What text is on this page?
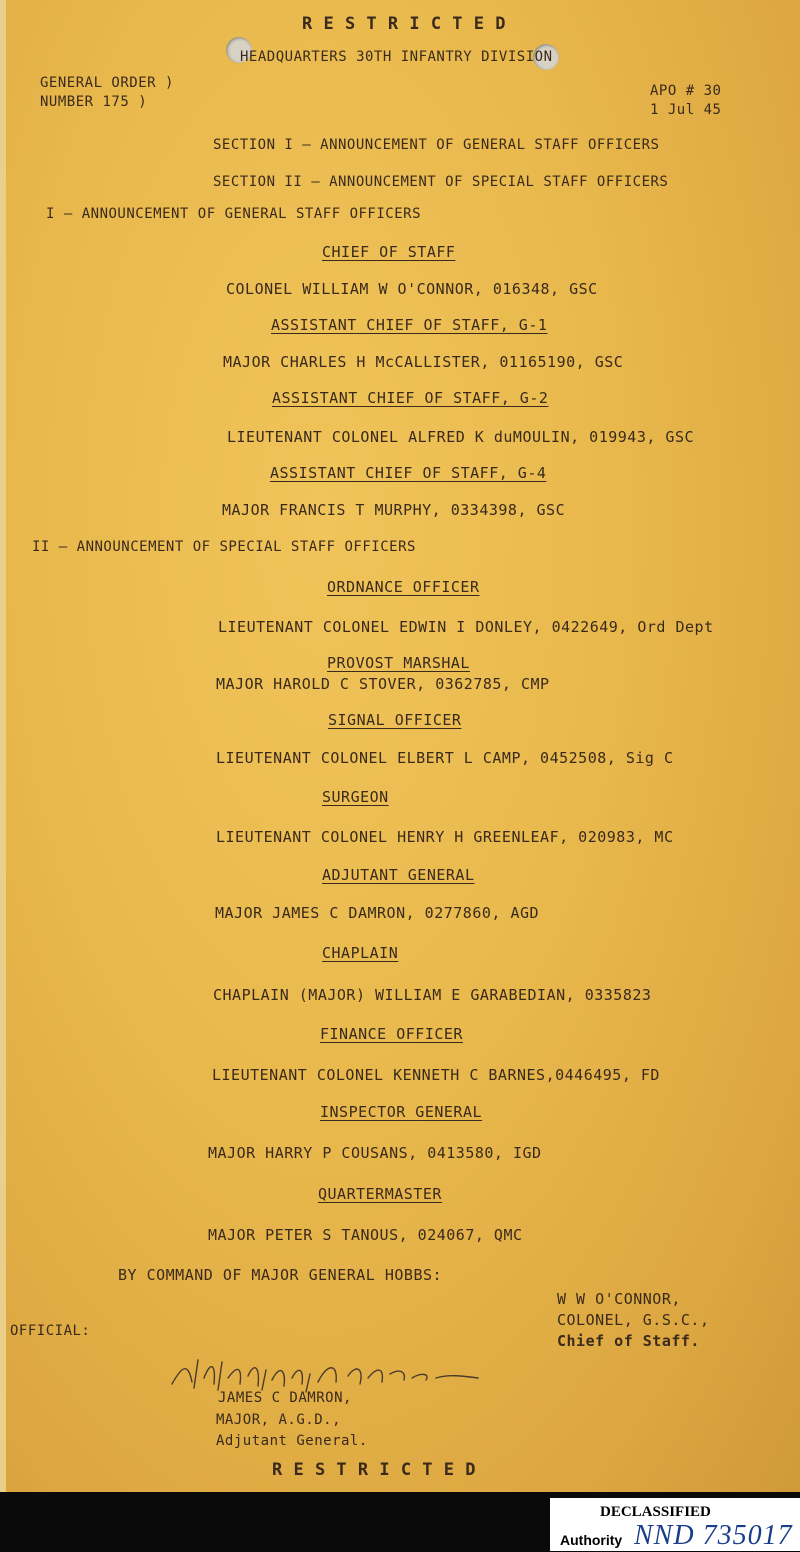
R E S T R I C T E D
HEADQUARTERS 30TH INFANTRY DIVISION
GENERAL ORDER )
NUMBER 175 )
APO # 30
1 Jul 45
SECTION I — ANNOUNCEMENT OF GENERAL STAFF OFFICERS
SECTION II — ANNOUNCEMENT OF SPECIAL STAFF OFFICERS
I — ANNOUNCEMENT OF GENERAL STAFF OFFICERS
CHIEF OF STAFF
COLONEL WILLIAM W O'CONNOR, 016348, GSC
ASSISTANT CHIEF OF STAFF, G-1
MAJOR CHARLES H McCALLISTER, 01165190, GSC
ASSISTANT CHIEF OF STAFF, G-2
LIEUTENANT COLONEL ALFRED K duMOULIN, 019943, GSC
ASSISTANT CHIEF OF STAFF, G-4
MAJOR FRANCIS T MURPHY, 0334398, GSC
II — ANNOUNCEMENT OF SPECIAL STAFF OFFICERS
ORDNANCE OFFICER
LIEUTENANT COLONEL EDWIN I DONLEY, 0422649, Ord Dept
PROVOST MARSHAL
MAJOR HAROLD C STOVER, 0362785, CMP
SIGNAL OFFICER
LIEUTENANT COLONEL ELBERT L CAMP, 0452508, Sig C
SURGEON
LIEUTENANT COLONEL HENRY H GREENLEAF, 020983, MC
ADJUTANT GENERAL
MAJOR JAMES C DAMRON, 0277860, AGD
CHAPLAIN
CHAPLAIN (MAJOR) WILLIAM E GARABEDIAN, 0335823
FINANCE OFFICER
LIEUTENANT COLONEL KENNETH C BARNES,0446495, FD
INSPECTOR GENERAL
MAJOR HARRY P COUSANS, 0413580, IGD
QUARTERMASTER
MAJOR PETER S TANOUS, 024067, QMC
BY COMMAND OF MAJOR GENERAL HOBBS:
W W O'CONNOR,
COLONEL, G.S.C.,
Chief of Staff.
OFFICIAL:
JAMES C DAMRON,
MAJOR, A.G.D.,
Adjutant General.
R E S T R I C T E D
DECLASSIFIED
Authority NND 735017
